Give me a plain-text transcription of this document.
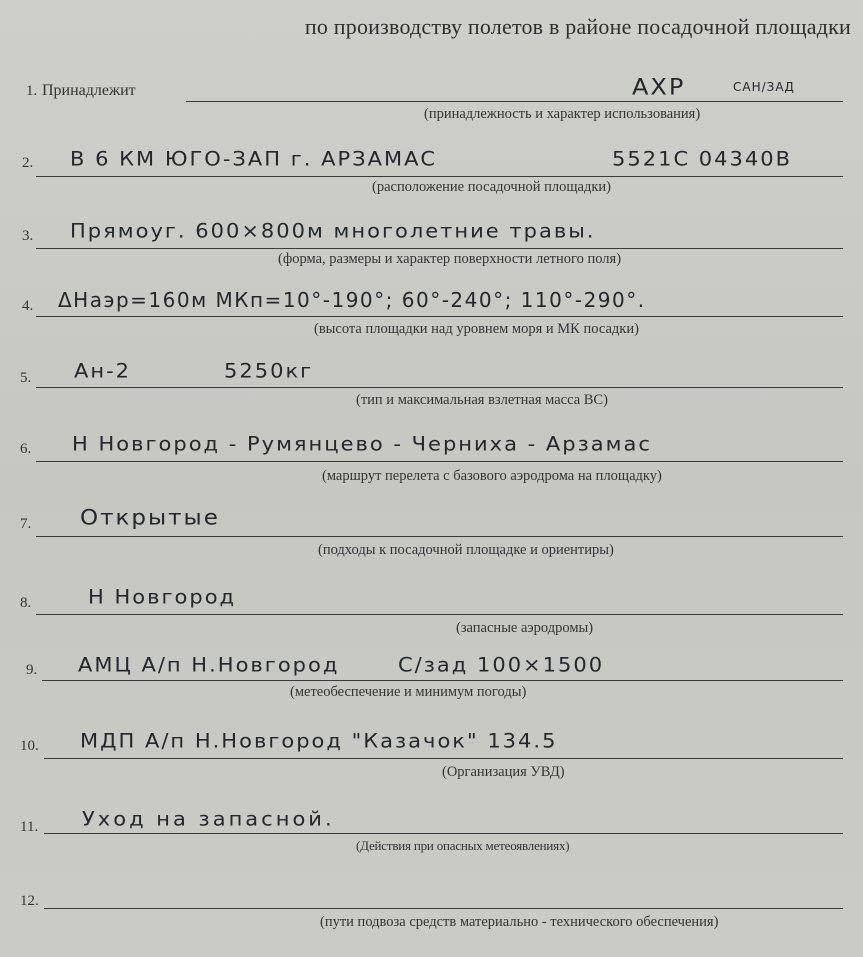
по производству полетов в районе посадочной площадки
1. Принадлежит	АХР	САН/ЗАД
(принадлежность и характер использования)
2. В 6 КМ ЮГО-ЗАП г. АРЗАМАС	5521С 04340В
(расположение посадочной площадки)
3. Прямоуг. 600×800м многолетние травы.
(форма, размеры и характер поверхности летного поля)
4. ΔHаэр=160м МКп=10°-190°; 60°-240°; 110°-290°.
(высота площадки над уровнем моря и МК посадки)
5. Ан-2	5250кг
(тип и максимальная взлетная масса ВС)
6. Н Новгород - Румянцево - Черниха - Арзамас
(маршрут перелета с базового аэродрома на площадку)
7. Открытые
(подходы к посадочной площадке и ориентиры)
8.	Н Новгород
(запасные аэродромы)
9. АМЦ А/п Н.Новгород	С/зад 100×1500
(метеобеспечение и минимум погоды)
10. МДП А/п Н.Новгород "Казачок" 134.5
(Организация УВД)
11. Уход на запасной.
(Действия при опасных метеоявлениях)
12.
(пути подвоза средств материально - технического обеспечения)
